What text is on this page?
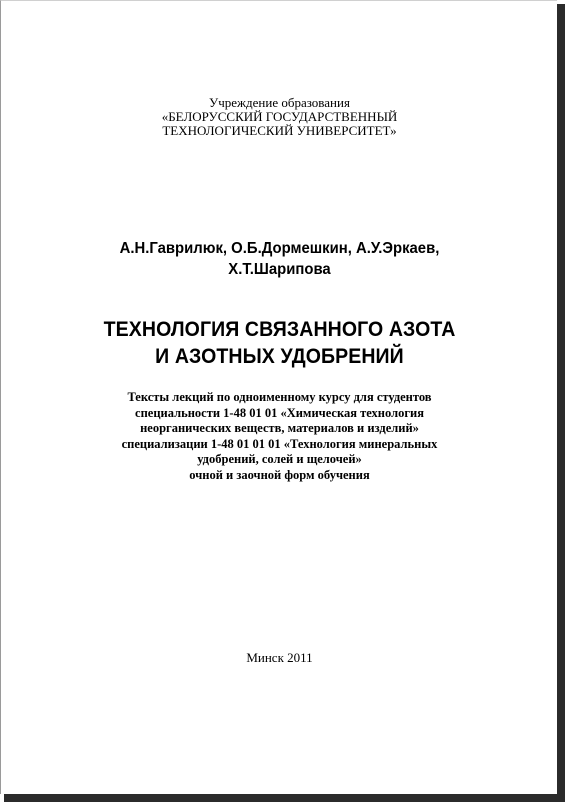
Учреждение образования
«БЕЛОРУССКИЙ ГОСУДАРСТВЕННЫЙ
ТЕХНОЛОГИЧЕСКИЙ УНИВЕРСИТЕТ»
А.Н.Гаврилюк, О.Б.Дормешкин, А.У.Эркаев,
Х.Т.Шарипова
ТЕХНОЛОГИЯ СВЯЗАННОГО АЗОТА
И АЗОТНЫХ УДОБРЕНИЙ
Тексты лекций по одноименному курсу для студентов
специальности 1-48 01 01 «Химическая технология
неорганических веществ, материалов и изделий»
специализации 1-48 01 01 01 «Технология минеральных
удобрений, солей и щелочей»
очной и заочной форм обучения
Минск 2011
